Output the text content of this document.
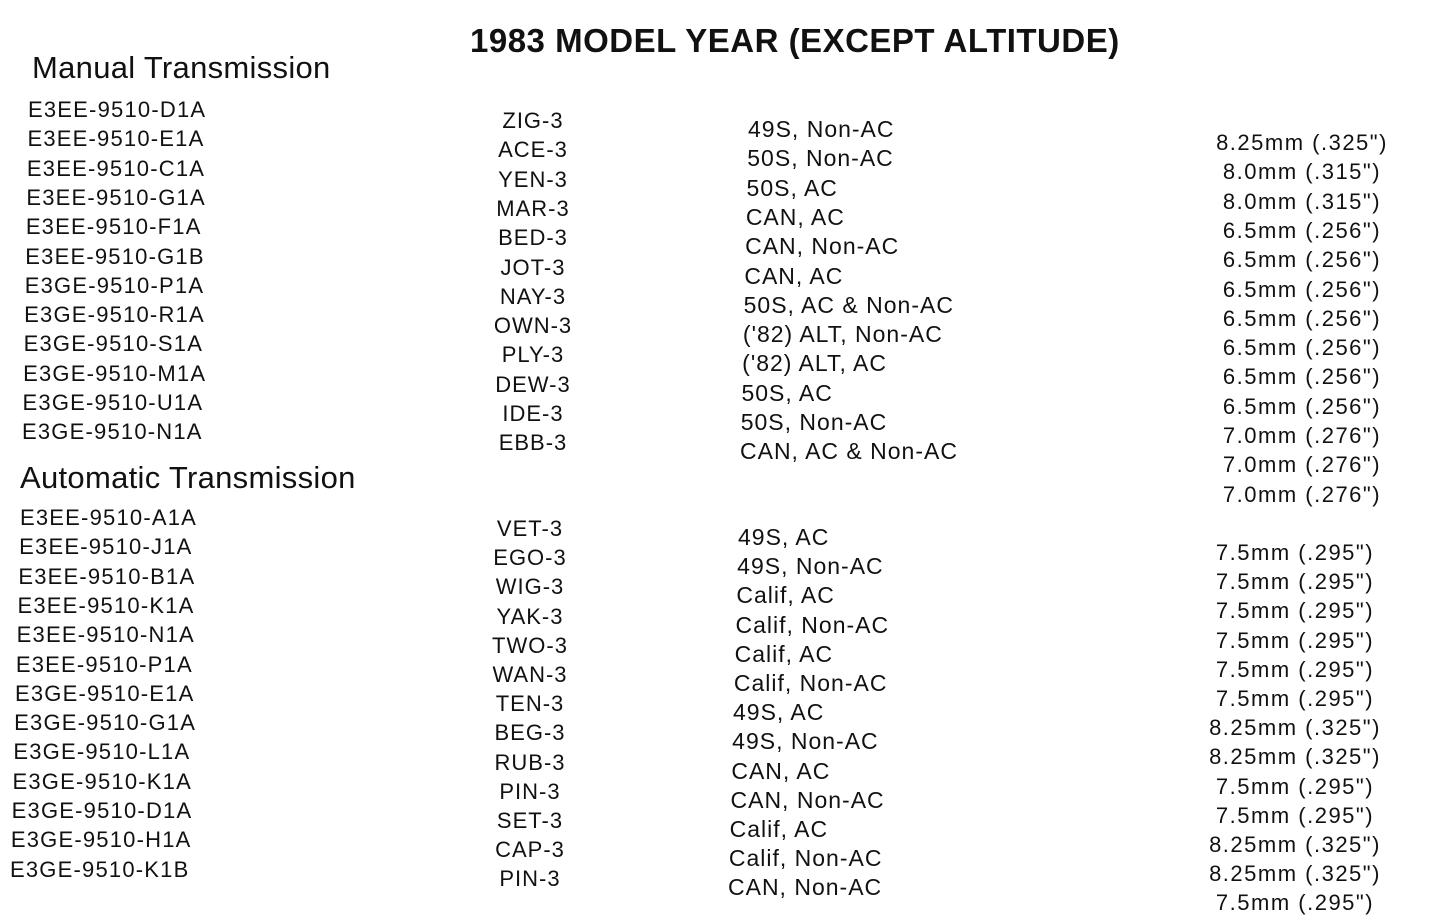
1983 MODEL YEAR (EXCEPT ALTITUDE)
Manual Transmission
Automatic Transmission
E3EE-9510-D1A
E3EE-9510-E1A
E3EE-9510-C1A
E3EE-9510-G1A
E3EE-9510-F1A
E3EE-9510-G1B
E3GE-9510-P1A
E3GE-9510-R1A
E3GE-9510-S1A
E3GE-9510-M1A
E3GE-9510-U1A
E3GE-9510-N1A
ZIG-3
ACE-3
YEN-3
MAR-3
BED-3
JOT-3
NAY-3
OWN-3
PLY-3
DEW-3
IDE-3
EBB-3
49S, Non-AC
50S, Non-AC
50S, AC
CAN, AC
CAN, Non-AC
CAN, AC
50S, AC & Non-AC
('82) ALT, Non-AC
('82) ALT, AC
50S, AC
50S, Non-AC
CAN, AC & Non-AC
8.25mm (.325")
8.0mm (.315")
8.0mm (.315")
6.5mm (.256")
6.5mm (.256")
6.5mm (.256")
6.5mm (.256")
6.5mm (.256")
6.5mm (.256")
6.5mm (.256")
7.0mm (.276")
7.0mm (.276")
7.0mm (.276")
E3EE-9510-A1A
E3EE-9510-J1A
E3EE-9510-B1A
E3EE-9510-K1A
E3EE-9510-N1A
E3EE-9510-P1A
E3GE-9510-E1A
E3GE-9510-G1A
E3GE-9510-L1A
E3GE-9510-K1A
E3GE-9510-D1A
E3GE-9510-H1A
E3GE-9510-K1B
VET-3
EGO-3
WIG-3
YAK-3
TWO-3
WAN-3
TEN-3
BEG-3
RUB-3
PIN-3
SET-3
CAP-3
PIN-3
49S, AC
49S, Non-AC
Calif, AC
Calif, Non-AC
Calif, AC
Calif, Non-AC
49S, AC
49S, Non-AC
CAN, AC
CAN, Non-AC
Calif, AC
Calif, Non-AC
CAN, Non-AC
7.5mm (.295")
7.5mm (.295")
7.5mm (.295")
7.5mm (.295")
7.5mm (.295")
7.5mm (.295")
8.25mm (.325")
8.25mm (.325")
7.5mm (.295")
7.5mm (.295")
8.25mm (.325")
8.25mm (.325")
7.5mm (.295")
